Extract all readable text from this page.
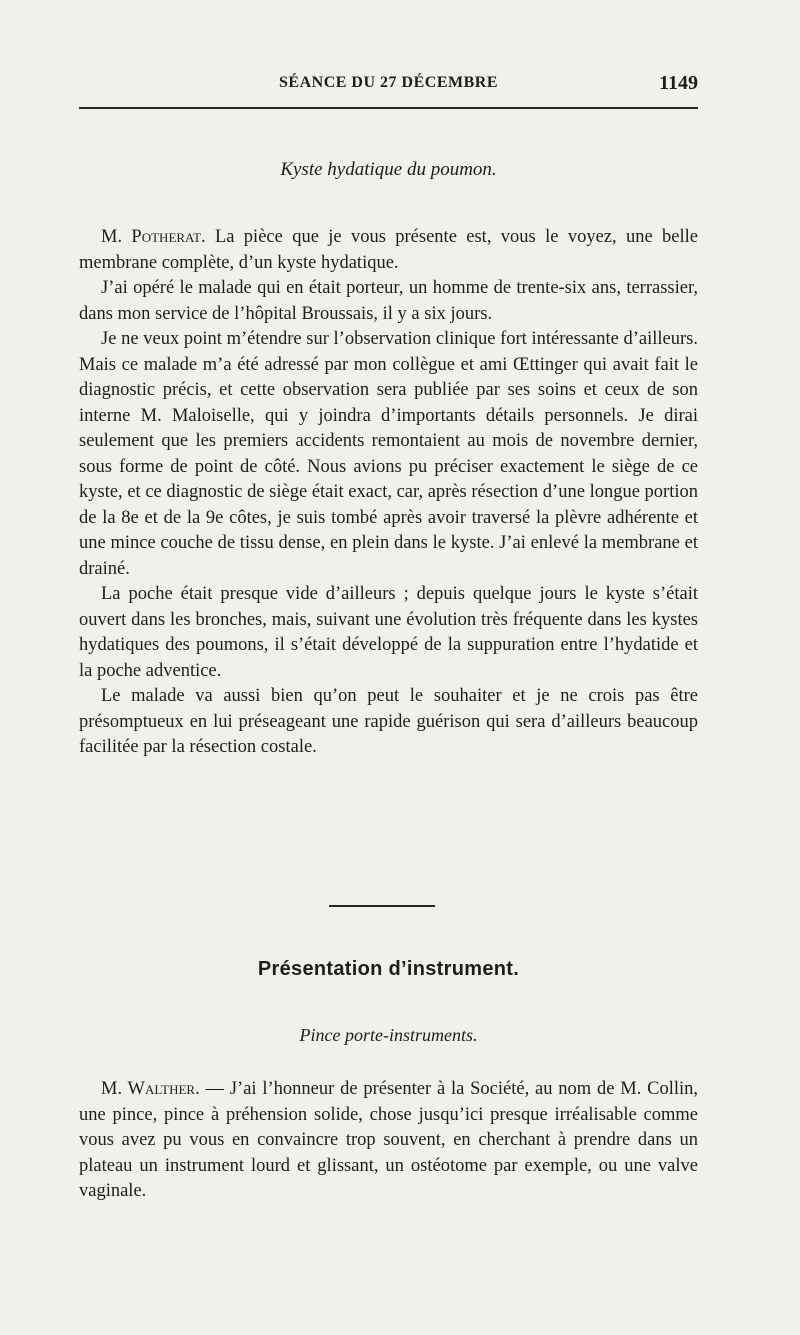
SÉANCE DU 27 DÉCEMBRE	1149
Kyste hydatique du poumon.

M. Potherat. La pièce que je vous présente est, vous le voyez, une belle membrane complète, d’un kyste hydatique.

J’ai opéré le malade qui en était porteur, un homme de trente-six ans, terrassier, dans mon service de l’hôpital Broussais, il y a six jours.

Je ne veux point m’étendre sur l’observation clinique fort intéressante d’ailleurs. Mais ce malade m’a été adressé par mon collègue et ami Œttinger qui avait fait le diagnostic précis, et cette observation sera publiée par ses soins et ceux de son interne M. Maloiselle, qui y joindra d’importants détails personnels. Je dirai seulement que les premiers accidents remontaient au mois de novembre dernier, sous forme de point de côté. Nous avions pu préciser exactement le siège de ce kyste, et ce diagnostic de siège était exact, car, après résection d’une longue portion de la 8e et de la 9e côtes, je suis tombé après avoir traversé la plèvre adhérente et une mince couche de tissu dense, en plein dans le kyste. J’ai enlevé la membrane et drainé.

La poche était presque vide d’ailleurs ; depuis quelque jours le kyste s’était ouvert dans les bronches, mais, suivant une évolution très fréquente dans les kystes hydatiques des poumons, il s’était développé de la suppuration entre l’hydatide et la poche adventice.

Le malade va aussi bien qu’on peut le souhaiter et je ne crois pas être présomptueux en lui préseageant une rapide guérison qui sera d’ailleurs beaucoup facilitée par la résection costale.

Présentation d’instrument.
Pince porte-instruments.

M. Walther. — J’ai l’honneur de présenter à la Société, au nom de M. Collin, une pince, pince à préhension solide, chose jusqu’ici presque irréalisable comme vous avez pu vous en convaincre trop souvent, en cherchant à prendre dans un plateau un instrument lourd et glissant, un ostéotome par exemple, ou une valve vaginale.
